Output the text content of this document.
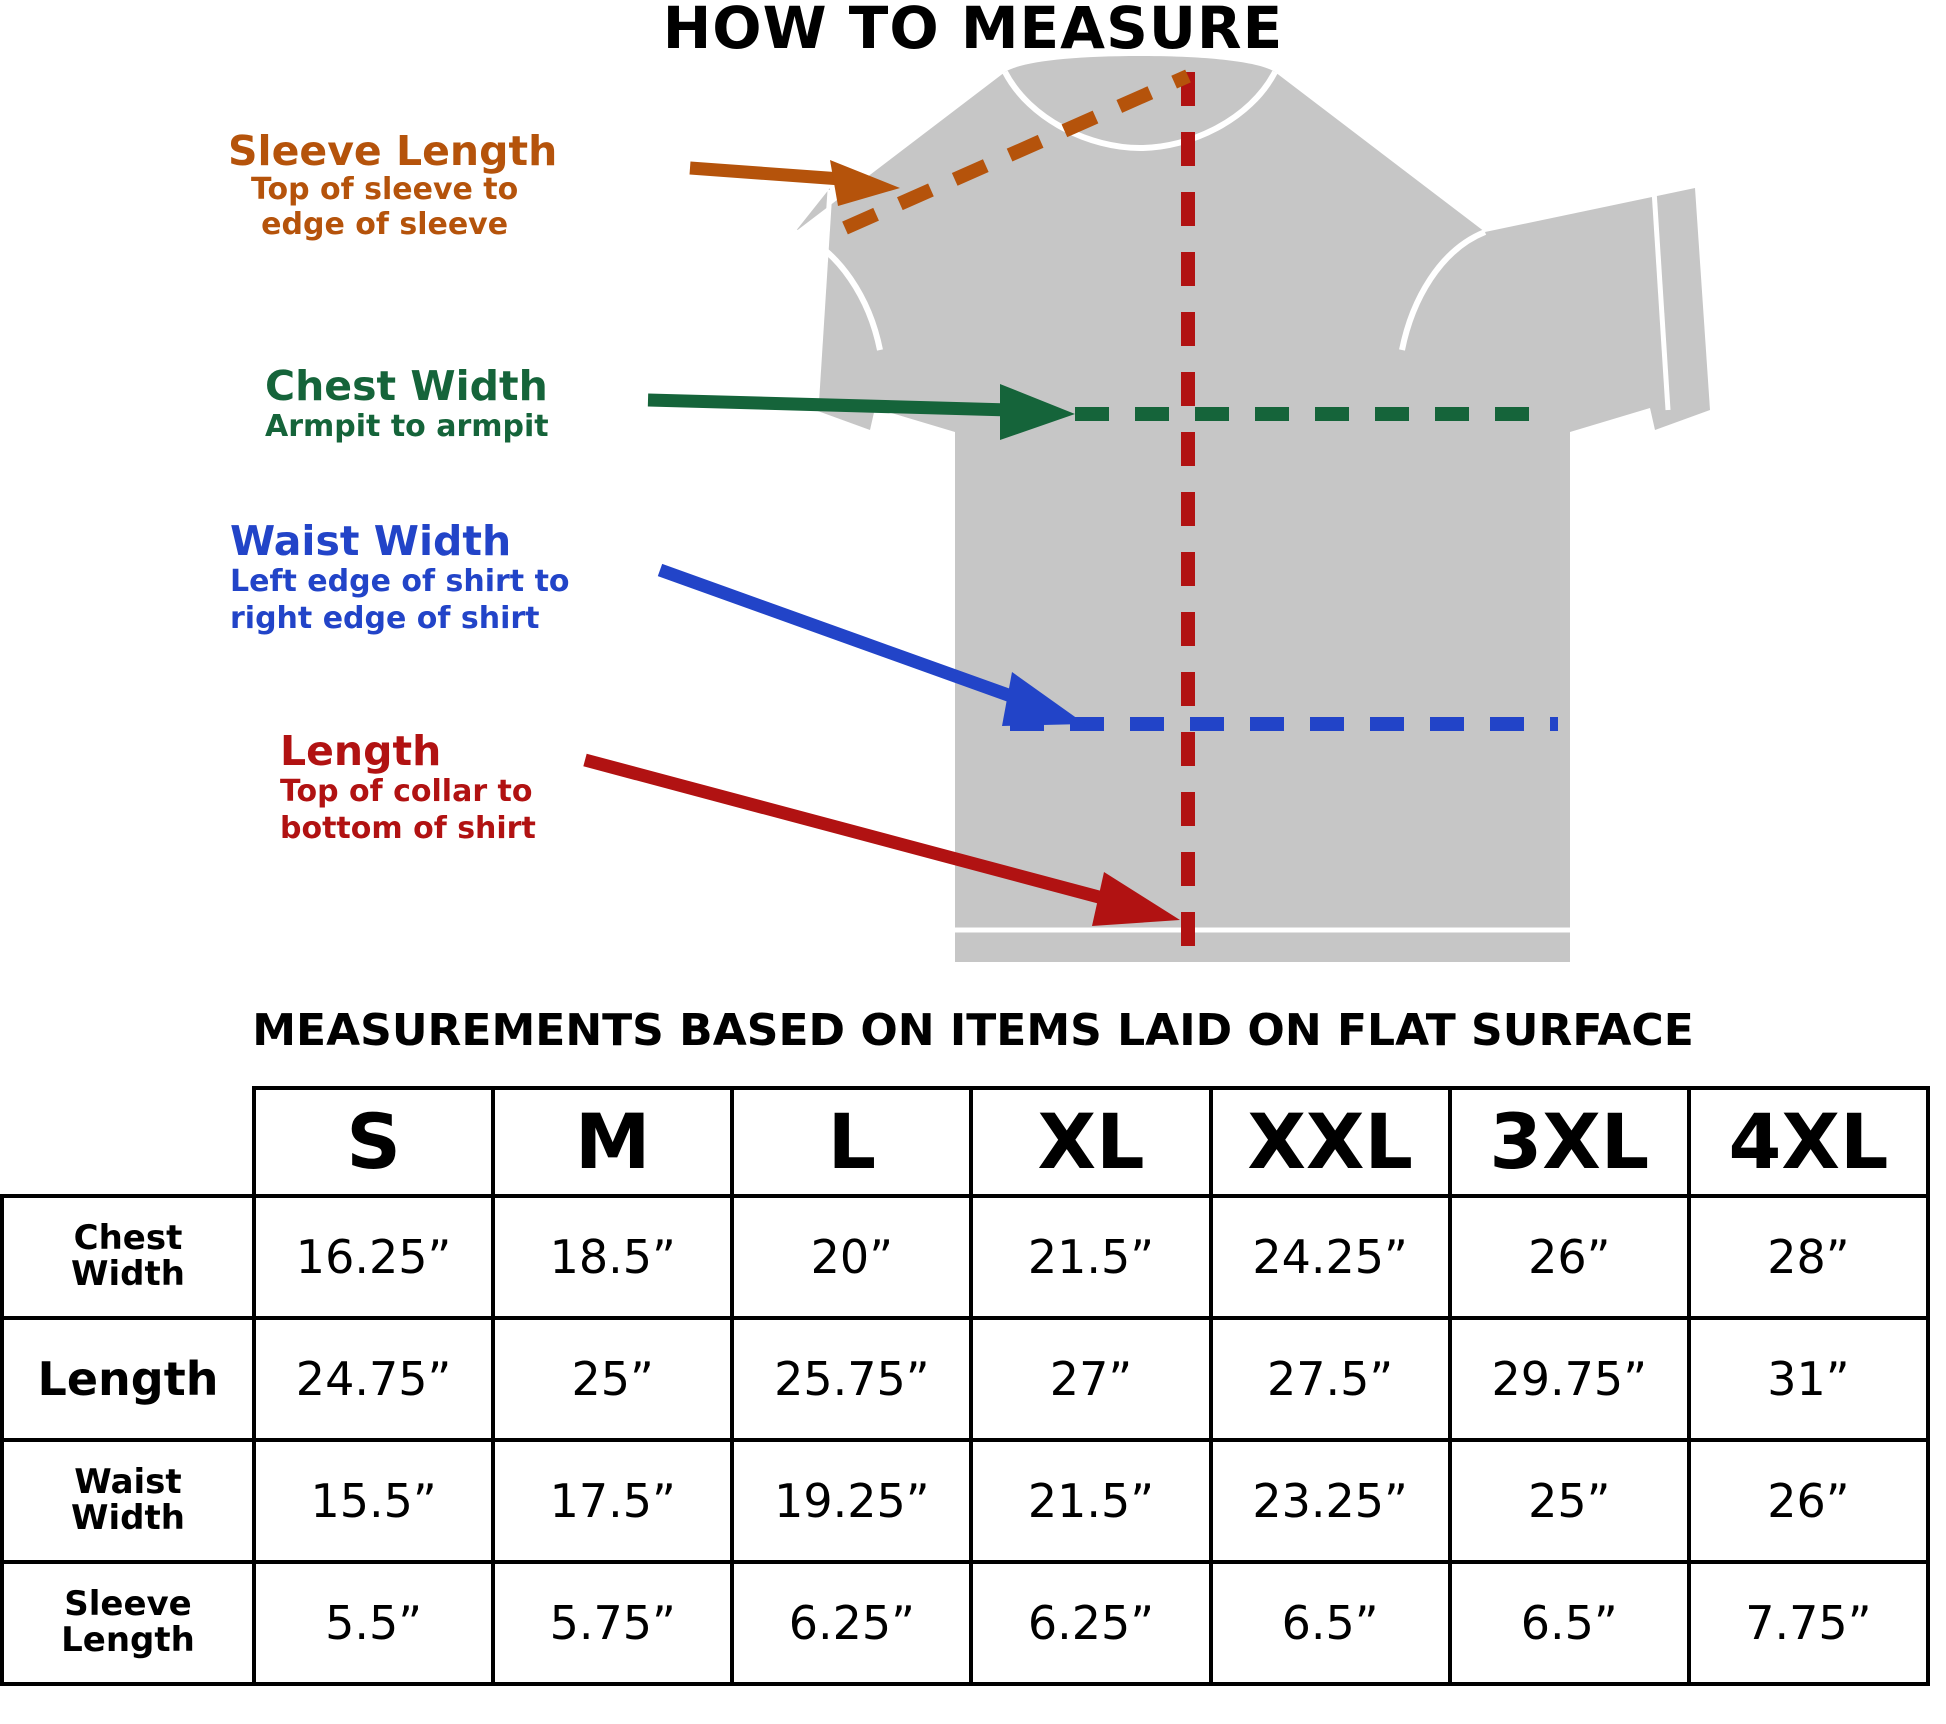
HOW TO MEASURE
Sleeve Length
Top of sleeve to
edge of sleeve
Chest Width
Armpit to armpit
Waist Width
Left edge of shirt to
right edge of shirt
Length
Top of collar to
bottom of shirt
MEASUREMENTS BASED ON ITEMS LAID ON FLAT SURFACE
	S	M	L	XL	XXL	3XL	4XL

Chest
Width	16.25”	18.5”	20”	21.5”	24.25”	26”	28”

Length	24.75”	25”	25.75”	27”	27.5”	29.75”	31”

Waist
Width	15.5”	17.5”	19.25”	21.5”	23.25”	25”	26”

Sleeve
Length	5.5”	5.75”	6.25”	6.25”	6.5”	6.5”	7.75”
